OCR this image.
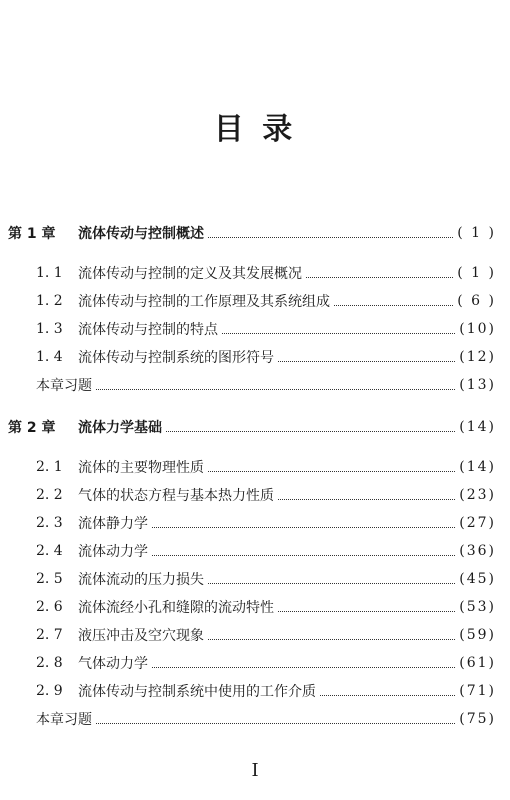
目 录
第 1 章	流体传动与控制概述	( 1 )
1. 1	流体传动与控制的定义及其发展概况	( 1 )
1. 2	流体传动与控制的工作原理及其系统组成	( 6 )
1. 3	流体传动与控制的特点	(10)
1. 4	流体传动与控制系统的图形符号	(12)
本章习题	(13)
第 2 章	流体力学基础	(14)
2. 1	流体的主要物理性质	(14)
2. 2	气体的状态方程与基本热力性质	(23)
2. 3	流体静力学	(27)
2. 4	流体动力学	(36)
2. 5	流体流动的压力损失	(45)
2. 6	流体流经小孔和缝隙的流动特性	(53)
2. 7	液压冲击及空穴现象	(59)
2. 8	气体动力学	(61)
2. 9	流体传动与控制系统中使用的工作介质	(71)
本章习题	(75)
I
